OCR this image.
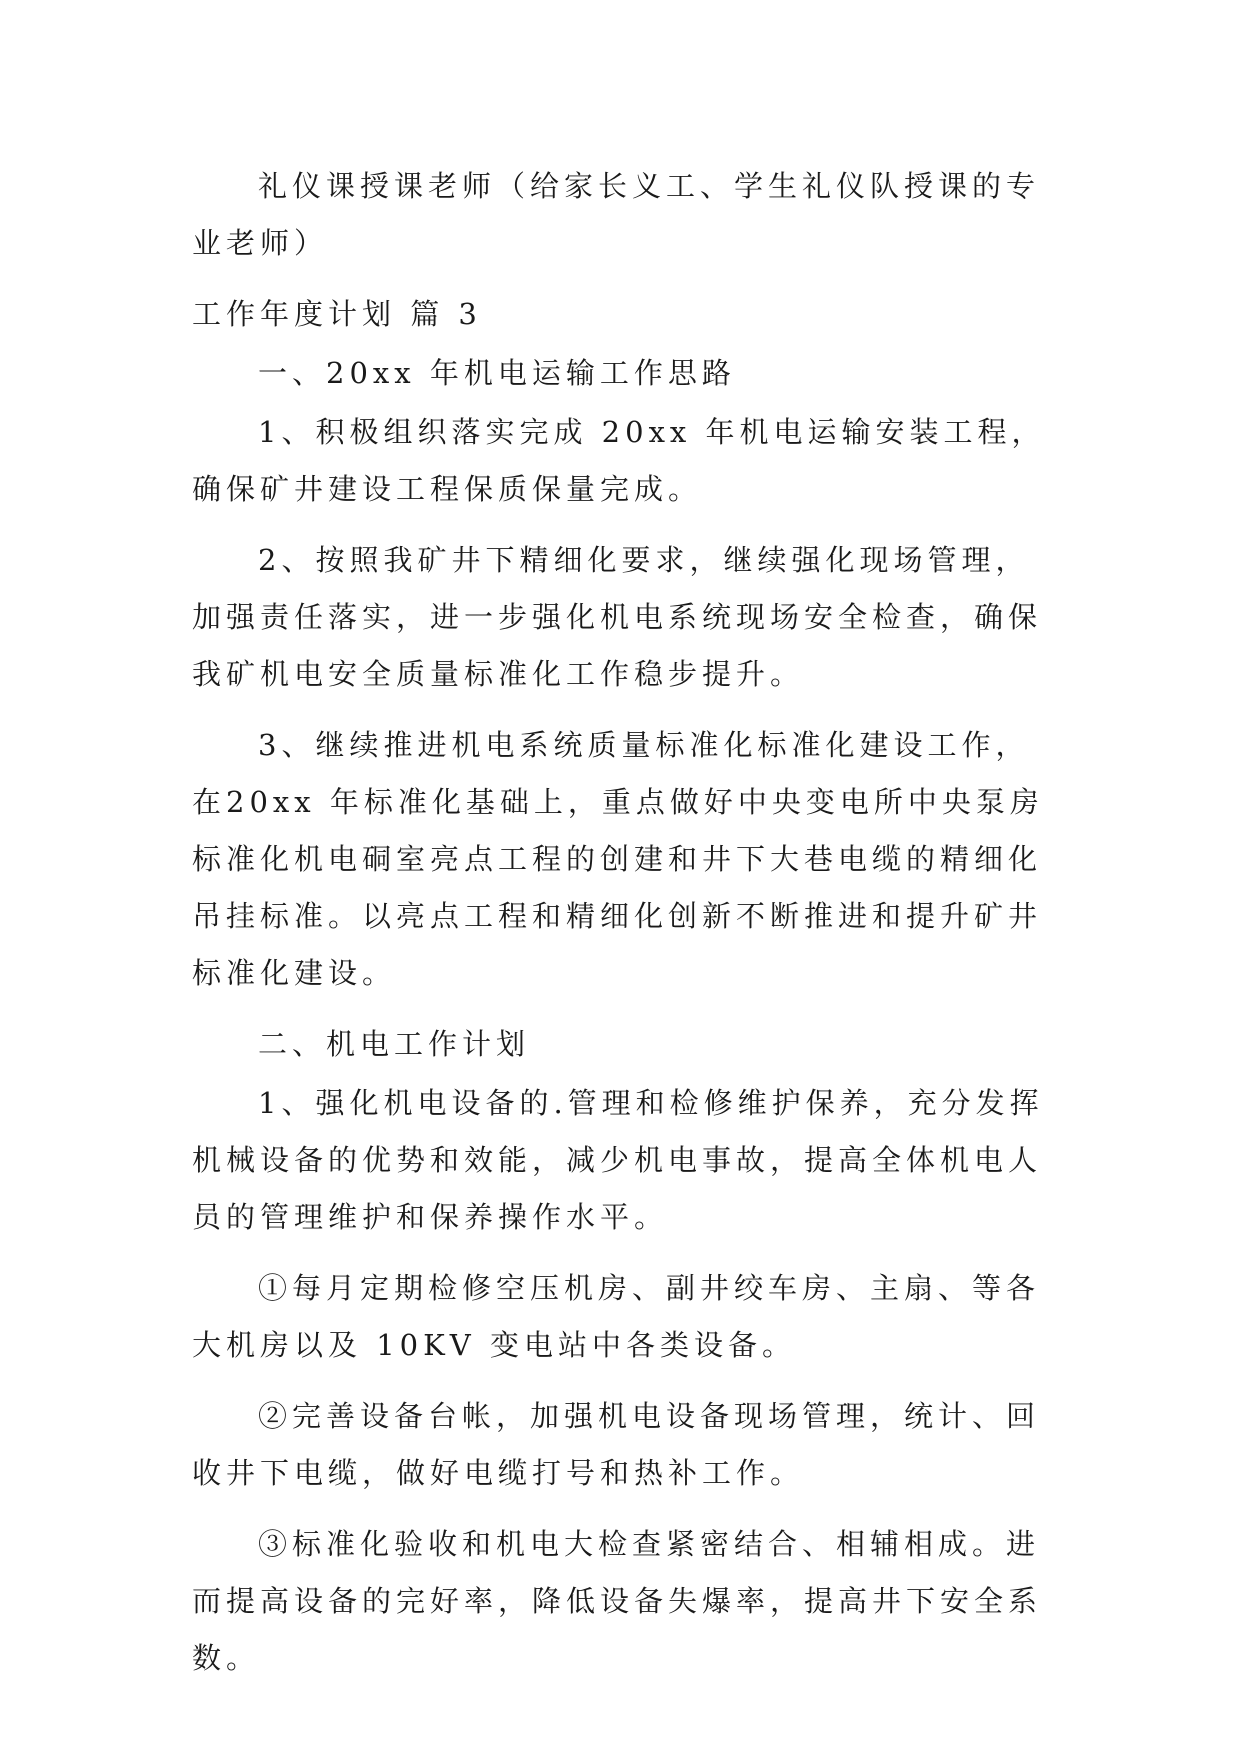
礼仪课授课老师（给家长义工、学生礼仪队授课的专业老师）

工作年度计划 篇 3

一、20xx 年机电运输工作思路

1、积极组织落实完成 20xx 年机电运输安装工程，确保矿井建设工程保质保量完成。

2、按照我矿井下精细化要求，继续强化现场管理，加强责任落实，进一步强化机电系统现场安全检查，确保我矿机电安全质量标准化工作稳步提升。

3、继续推进机电系统质量标准化标准化建设工作，在20xx 年标准化基础上，重点做好中央变电所中央泵房标准化机电硐室亮点工程的创建和井下大巷电缆的精细化吊挂标准。以亮点工程和精细化创新不断推进和提升矿井标准化建设。

二、机电工作计划

1、强化机电设备的.管理和检修维护保养，充分发挥机械设备的优势和效能，减少机电事故，提高全体机电人员的管理维护和保养操作水平。

①每月定期检修空压机房、副井绞车房、主扇、等各大机房以及 10KV 变电站中各类设备。

②完善设备台帐，加强机电设备现场管理，统计、回收井下电缆，做好电缆打号和热补工作。

③标准化验收和机电大检查紧密结合、相辅相成。进而提高设备的完好率，降低设备失爆率，提高井下安全系数。
